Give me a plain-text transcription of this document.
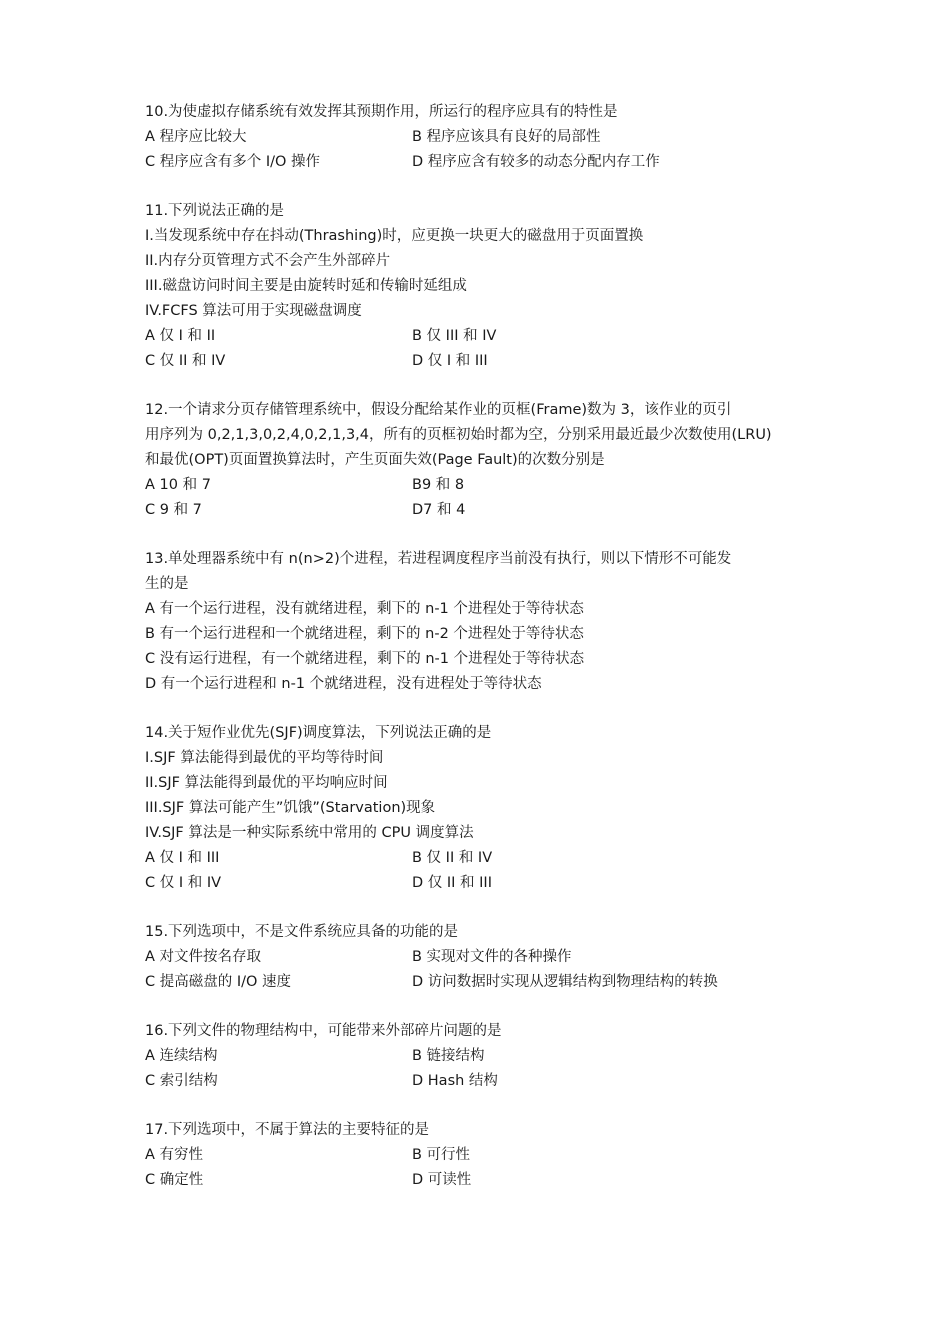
10.为使虚拟存储系统有效发挥其预期作用，所运行的程序应具有的特性是
A 程序应比较大	B 程序应该具有良好的局部性
C 程序应含有多个 I/O 操作	D 程序应含有较多的动态分配内存工作
11.下列说法正确的是
I.当发现系统中存在抖动(Thrashing)时，应更换一块更大的磁盘用于页面置换
II.内存分页管理方式不会产生外部碎片
III.磁盘访问时间主要是由旋转时延和传输时延组成
IV.FCFS 算法可用于实现磁盘调度
A 仅 I 和 II	B 仅 III 和 IV
C 仅 II 和 IV	D 仅 I 和 III
12.一个请求分页存储管理系统中，假设分配给某作业的页框(Frame)数为 3，该作业的页引
用序列为 0,2,1,3,0,2,4,0,2,1,3,4，所有的页框初始时都为空，分别采用最近最少次数使用(LRU)
和最优(OPT)页面置换算法时，产生页面失效(Page Fault)的次数分别是
A 10 和 7	B9 和 8
C 9 和 7	D7 和 4
13.单处理器系统中有 n(n>2)个进程，若进程调度程序当前没有执行，则以下情形不可能发
生的是
A 有一个运行进程，没有就绪进程，剩下的 n-1 个进程处于等待状态
B 有一个运行进程和一个就绪进程，剩下的 n-2 个进程处于等待状态
C 没有运行进程，有一个就绪进程，剩下的 n-1 个进程处于等待状态
D 有一个运行进程和 n-1 个就绪进程，没有进程处于等待状态
14.关于短作业优先(SJF)调度算法，下列说法正确的是
I.SJF 算法能得到最优的平均等待时间
II.SJF 算法能得到最优的平均响应时间
III.SJF 算法可能产生”饥饿”(Starvation)现象
IV.SJF 算法是一种实际系统中常用的 CPU 调度算法
A 仅 I 和 III	B 仅 II 和 IV
C 仅 I 和 IV	D 仅 II 和 III
15.下列选项中，不是文件系统应具备的功能的是
A 对文件按名存取	B 实现对文件的各种操作
C 提高磁盘的 I/O 速度	D 访问数据时实现从逻辑结构到物理结构的转换
16.下列文件的物理结构中，可能带来外部碎片问题的是
A 连续结构	B 链接结构
C 索引结构	D Hash 结构
17.下列选项中，不属于算法的主要特征的是
A 有穷性	B 可行性
C 确定性	D 可读性
